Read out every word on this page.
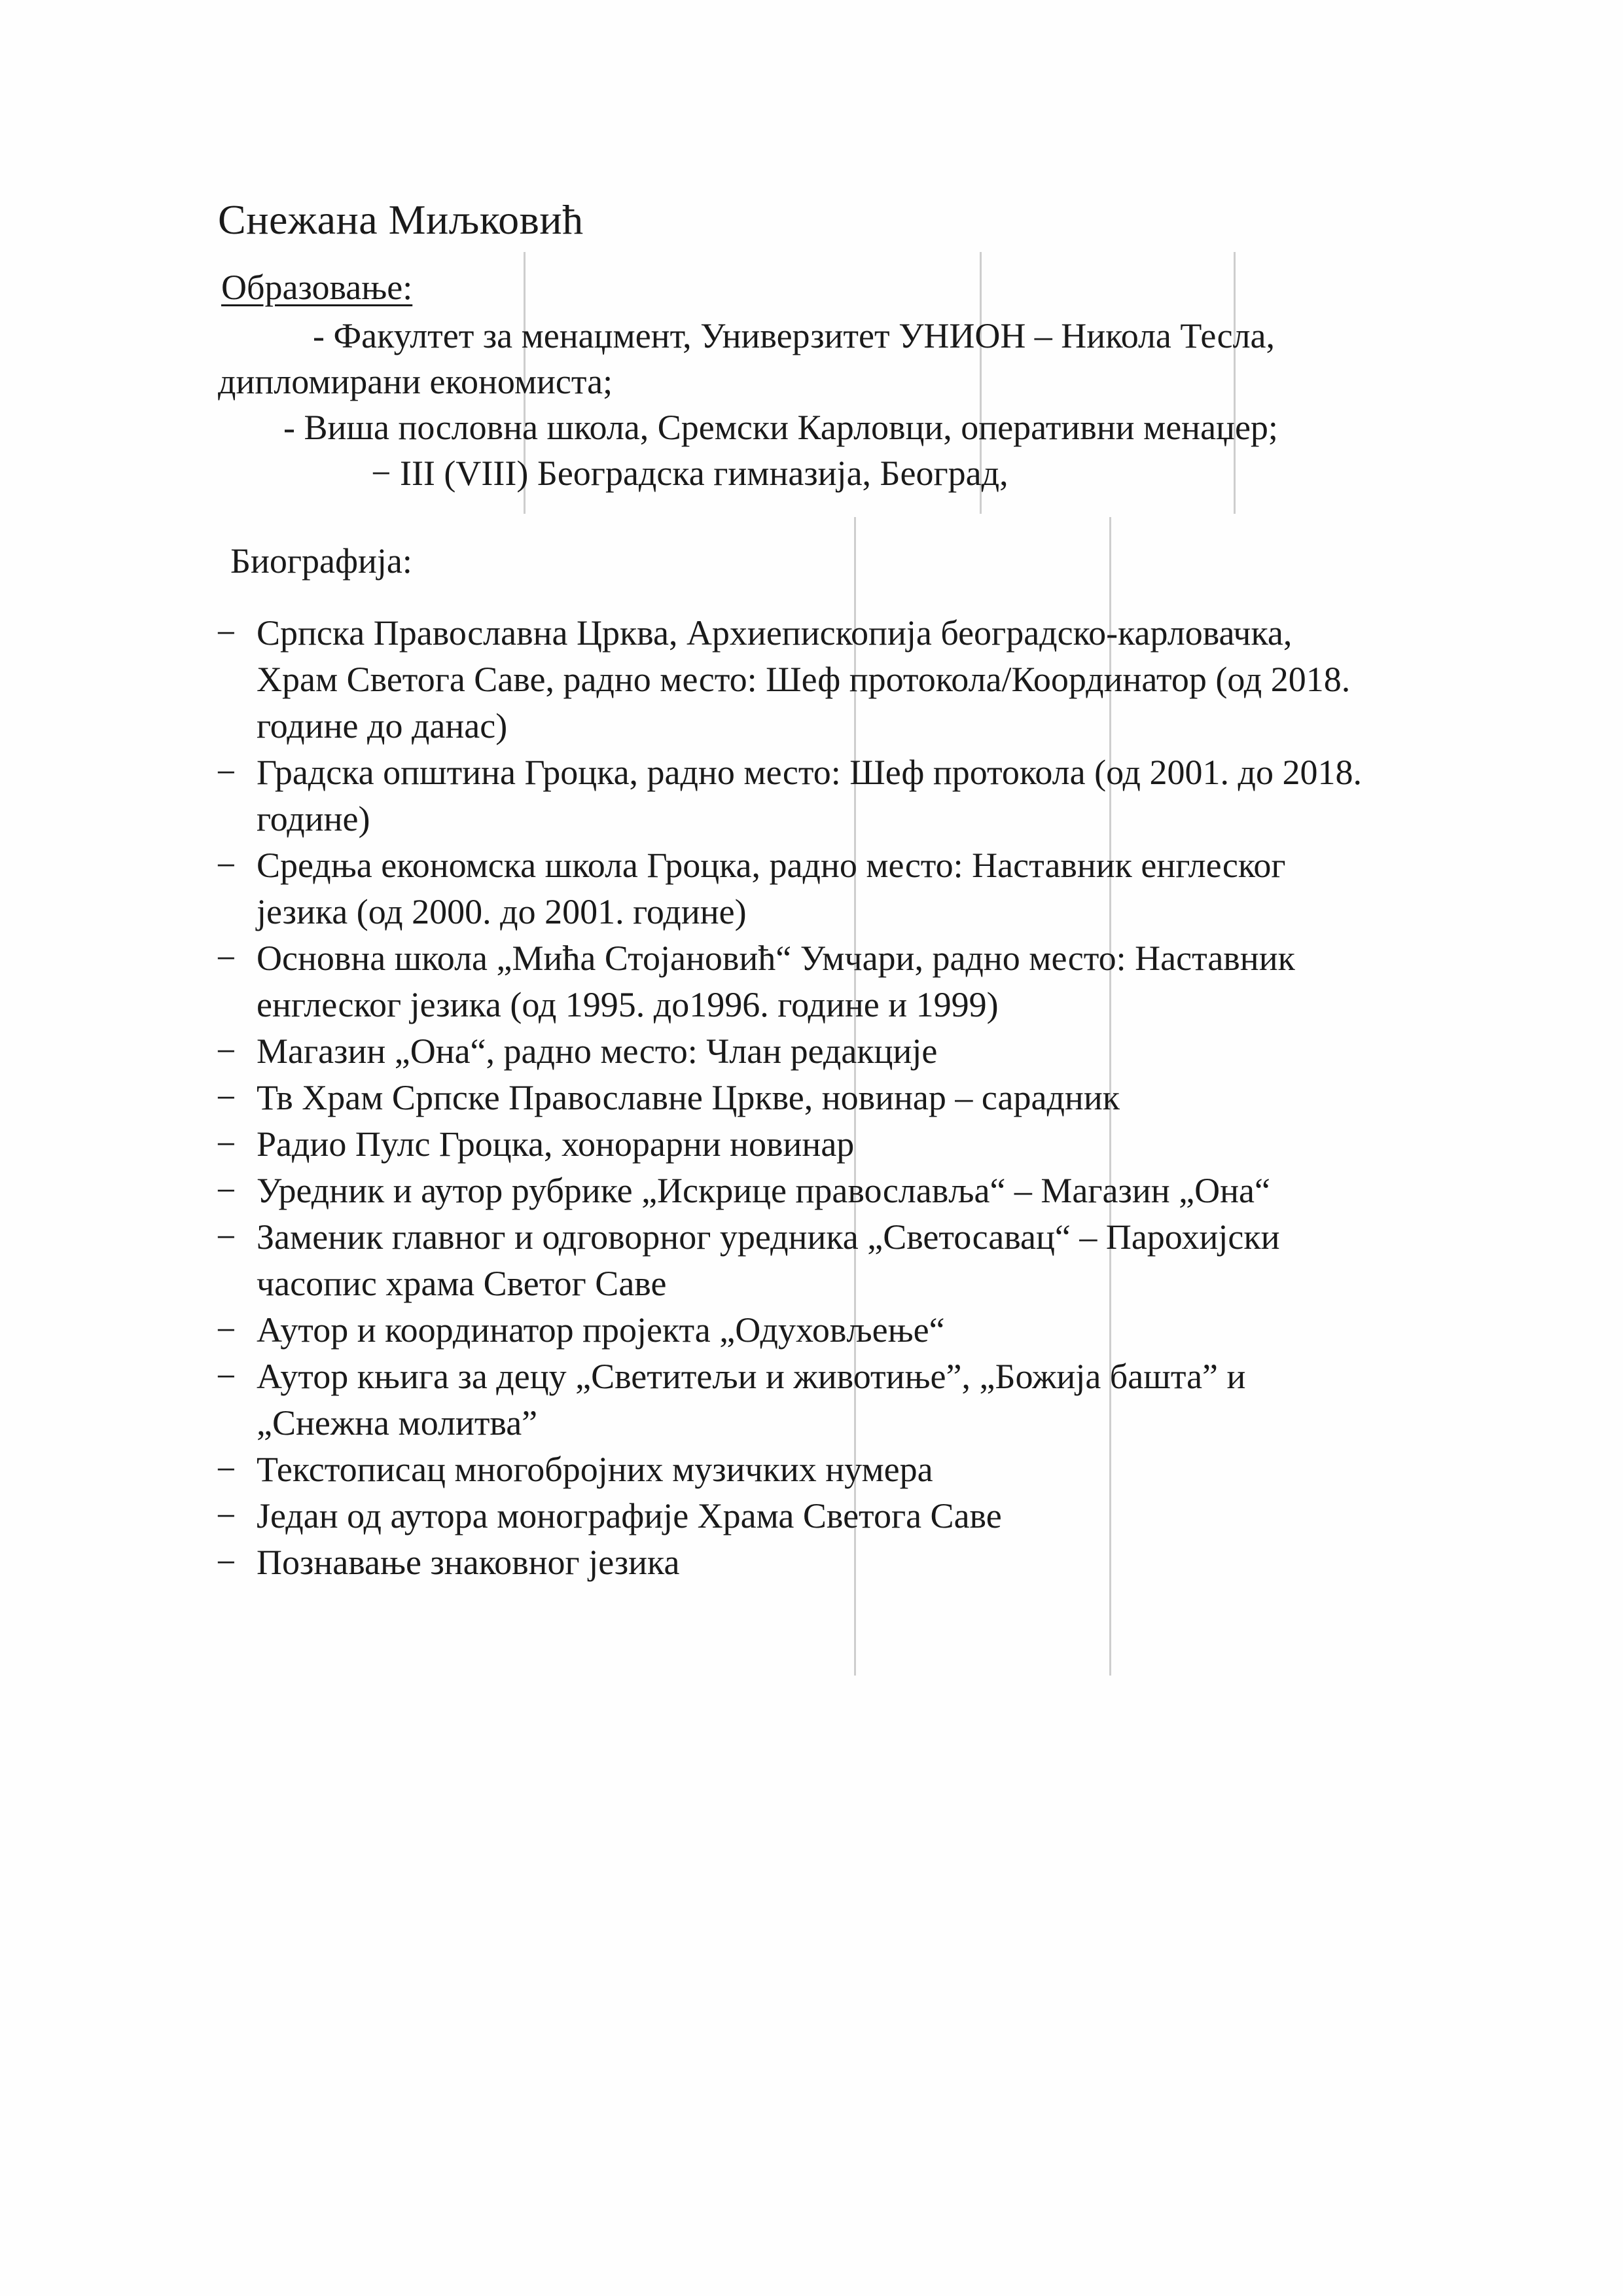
Снежана Миљковић
Образовање:
- Факултет за менаџмент, Универзитет УНИОН – Никола Тесла,
дипломирани економиста;
- Виша пословна школа, Сремски Карловци, оперативни менаџер;
− III (VIII) Београдска гимназија, Београд,
Биографија:
− Српска Православна Црква, Архиепископија београдско-карловачка, Храм Светога Саве, радно место: Шеф протокола/Координатор (од 2018. године до данас)
− Градска општина Гроцка, радно место: Шеф протокола (од 2001. до 2018. године)
− Средња економска школа Гроцка, радно место: Наставник енглеског језика (од 2000. до 2001. године)
− Основна школа „Мића Стојановић“ Умчари, радно место: Наставник енглеског језика (од 1995. до1996. године и 1999)
− Магазин „Она“, радно место: Члан редакције
− Тв Храм Српске Православне Цркве, новинар – сарадник
− Радио Пулс Гроцка, хонорарни новинар
− Уредник и аутор рубрике „Искрице православља“ – Магазин „Она“
− Заменик главног и одговорног уредника „Светосавац“ – Парохијски часопис храма Светог Саве
− Аутор и координатор пројекта „Одуховљење“
− Аутор књига за децу „Светитељи и животиње”, „Божија башта” и „Снежна молитва”
− Текстописац многобројних музичких нумера
− Један од аутора монографије Храма Светога Саве
− Познавање знаковног језика
